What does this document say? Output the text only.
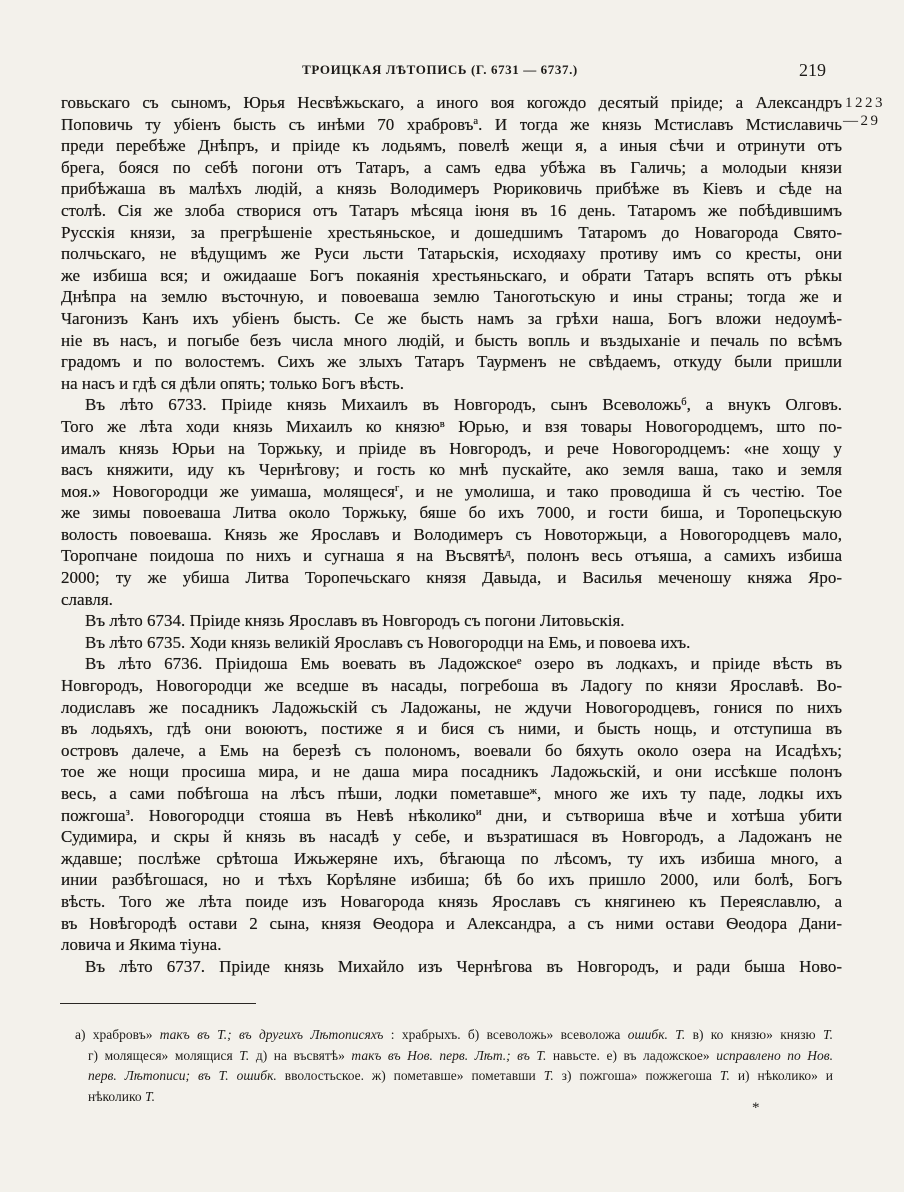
ТРОИЦКАЯ ЛѢТОПИСЬ (Г. 6731 — 6737.)	219
1223
—29
говьскаго съ сыномъ, Юрья Несвѣжьскаго, а иного воя когождо десятый пріиде; а Александръ
Поповичь ту убіенъ бысть съ инѣми 70 храбровъ$^а$. И тогда же князь Мстиславъ Мстиславичь
преди перебѣже Днѣпръ, и пріиде къ лодьямъ, повелѣ жещи я, а иныя сѣчи и отринути отъ
брега, бояся по себѣ погони отъ Татаръ, а самъ едва убѣжа въ Галичь; а молодыи князи
прибѣжаша въ малѣхъ людій, а князь Володимеръ Рюриковичь прибѣже въ Кіевъ и сѣде на
столѣ. Сія же злоба створися отъ Татаръ мѣсяца іюня въ 16 день. Татаромъ же побѣдившимъ
Русскія князи, за прегрѣшеніе хрестьяньское, и дошедшимъ Татаромъ до Новагорода Свято-
полчьскаго, не вѣдущимъ же Руси льсти Татарьскія, исходяаху противу имъ со кресты, они
же избиша вся; и ожидааше Богъ покаянія хрестьяньскаго, и обрати Татаръ вспять отъ рѣкы
Днѣпра на землю въсточную, и повоеваша землю Таноготьскую и ины страны; тогда же и
Чагонизъ Канъ ихъ убіенъ бысть. Се же бысть намъ за грѣхи наша, Богъ вложи недоумѣ-
ніе въ насъ, и погыбе безъ числа много людій, и бысть вопль и въздыханіе и печаль по всѣмъ
градомъ и по волостемъ. Сихъ же злыхъ Татаръ Таурменъ не свѣдаемъ, откуду были пришли
на насъ и гдѣ ся дѣли опять; только Богъ вѣсть.
Въ лѣто 6733. Пріиде князь Михаилъ въ Новгородъ, сынъ Всеволожь$^б$, а внукъ Олговъ.
Того же лѣта ходи князь Михаилъ ко князю$^в$ Юрью, и взя товары Новогородцемъ, што по-
ималъ князь Юрьи на Торжьку, и пріиде въ Новгородъ, и рече Новогородцемъ: «не хощу у
васъ княжити, иду къ Чернѣгову; и гость ко мнѣ пускайте, ако земля ваша, тако и земля
моя.» Новогородци же уимаша, молящеся$^г$, и не умолиша, и тако проводиша й съ честію. Тое
же зимы повоеваша Литва около Торжьку, бяше бо ихъ 7000, и гости биша, и Торопецьскую
волость повоеваша. Князь же Ярославъ и Володимеръ съ Новоторжьци, а Новогородцевъ мало,
Торопчане поидоша по нихъ и сугнаша я на Въсвятѣ$^д$, полонъ весь отъяша, а самихъ избиша
2000; ту же убиша Литва Торопечьскаго князя Давыда, и Василья меченошу княжа Яро-
славля.
Въ лѣто 6734. Пріиде князь Ярославъ въ Новгородъ съ погони Литовьскія.
Въ лѣто 6735. Ходи князь великій Ярославъ съ Новогородци на Емь, и повоева ихъ.
Въ лѣто 6736. Пріидоша Емь воевать въ Ладожское$^е$ озеро въ лодкахъ, и пріиде вѣсть въ
Новгородъ, Новогородци же вседше въ насады, погребоша въ Ладогу по князи Ярославѣ. Во-
лодиславъ же посадникъ Ладожьскій съ Ладожаны, не ждучи Новогородцевъ, гонися по нихъ
въ лодьяхъ, гдѣ они воюютъ, постиже я и бися съ ними, и бысть нощь, и отступиша въ
островъ далече, а Емь на березѣ съ полономъ, воевали бо бяхуть около озера на Исадѣхъ;
тое же нощи просиша мира, и не даша мира посадникъ Ладожьскій, и они иссѣкше полонъ
весь, а сами побѣгоша на лѣсъ пѣши, лодки пометавше$^ж$, много же ихъ ту паде, лодкы ихъ
пожгоша$^з$. Новогородци стояша въ Невѣ нѣколико$^и$ дни, и сътвориша вѣче и хотѣша убити
Судимира, и скры й князь въ насадѣ у себе, и възратишася въ Новгородъ, а Ладожанъ не
ждавше; послѣже срѣтоша Ижьжеряне ихъ, бѣгающа по лѣсомъ, ту ихъ избиша много, а
инии разбѣгошася, но и тѣхъ Корѣляне избиша; бѣ бо ихъ пришло 2000, или болѣ, Богъ
вѣсть. Того же лѣта поиде изъ Новагорода князь Ярославъ съ княгинею къ Переяславлю, а
въ Новѣгородѣ остави 2 сына, князя Ѳеодора и Александра, а съ ними остави Ѳеодора Дани-
ловича и Якима тіуна.
Въ лѣто 6737. Пріиде князь Михайло изъ Чернѣгова въ Новгородъ, и ради быша Ново-
а) храбровъ» такъ въ Т.; въ другихъ Лѣтописяхъ : храбрыхъ. б) всеволожь» всеволожа ошибк. Т. в) ко князю» князю Т.
г) молящеся» молящися Т. д) на въсвятѣ» такъ въ Нов. перв. Лѣт.; въ Т. навьсте. е) въ ладожское» исправлено по Нов.
перв. Лѣтописи; въ Т. ошибк. вволостьское. ж) пометавше» пометавши Т. з) пожгоша» пожжегоша Т. и) нѣколико» и
нѣколико Т.
*
